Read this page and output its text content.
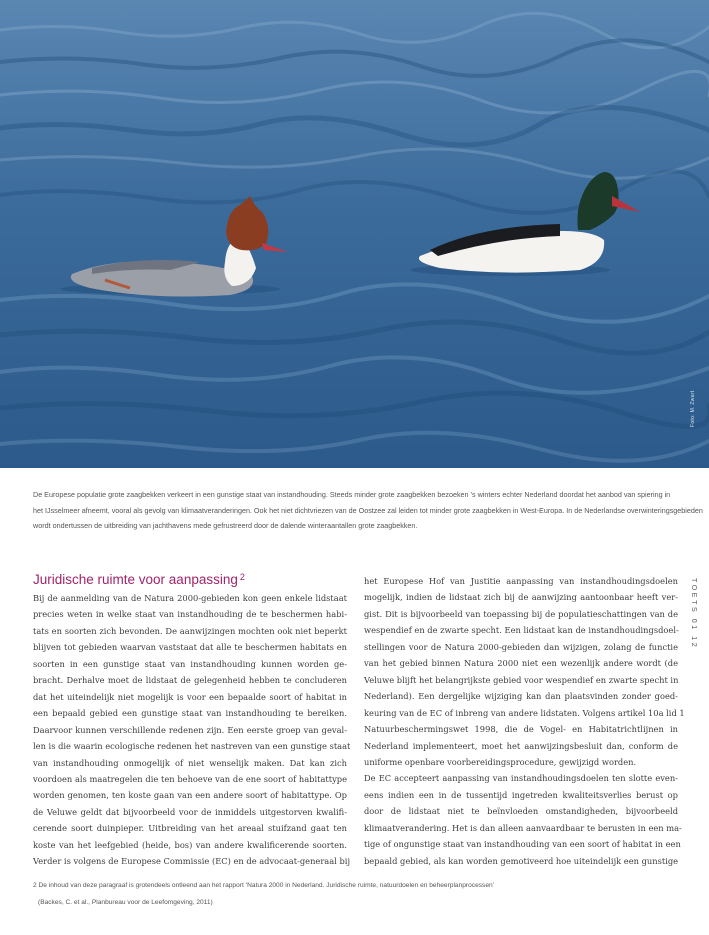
Foto: M. Zwart
De Europese populatie grote zaagbekken verkeert in een gunstige staat van instandhouding. Steeds minder grote zaagbekken bezoeken ’s winters echter Nederland doordat het aanbod van spiering in
het IJsselmeer afneemt, vooral als gevolg van klimaatveranderingen. Ook het niet dichtvriezen van de Oostzee zal leiden tot minder grote zaagbekken in West-Europa. In de Nederlandse overwinteringsgebieden
wordt ondertussen de uitbreiding van jachthavens mede gefrustreerd door de dalende winteraantallen grote zaagbekken.
TOETS 01 12
Juridische ruimte voor aanpassing $^2$
Bij de aanmelding van de Natura 2000-gebieden kon geen enkele lidstaat
precies weten in welke staat van instandhouding de te beschermen habi-
tats en soorten zich bevonden. De aanwijzingen mochten ook niet beperkt
blijven tot gebieden waarvan vaststaat dat alle te beschermen habitats en
soorten in een gunstige staat van instandhouding kunnen worden ge-
bracht. Derhalve moet de lidstaat de gelegenheid hebben te concluderen
dat het uiteindelijk niet mogelijk is voor een bepaalde soort of habitat in
een bepaald gebied een gunstige staat van instandhouding te bereiken.
Daarvoor kunnen verschillende redenen zijn. Een eerste groep van geval-
len is die waarin ecologische redenen het nastreven van een gunstige staat
van instandhouding onmogelijk of niet wenselijk maken. Dat kan zich
voordoen als maatregelen die ten behoeve van de ene soort of habitattype
worden genomen, ten koste gaan van een andere soort of habitattype. Op
de Veluwe geldt dat bijvoorbeeld voor de inmiddels uitgestorven kwalifi-
cerende soort duinpieper. Uitbreiding van het areaal stuifzand gaat ten
koste van het leefgebied (heide, bos) van andere kwalificerende soorten.
Verder is volgens de Europese Commissie (EC) en de advocaat-generaal bij
het Europese Hof van Justitie aanpassing van instandhoudingsdoelen
mogelijk, indien de lidstaat zich bij de aanwijzing aantoonbaar heeft ver-
gist. Dit is bijvoorbeeld van toepassing bij de populatieschattingen van de
wespendief en de zwarte specht. Een lidstaat kan de instandhoudingsdoel-
stellingen voor de Natura 2000-gebieden dan wijzigen, zolang de functie
van het gebied binnen Natura 2000 niet een wezenlijk andere wordt (de
Veluwe blijft het belangrijkste gebied voor wespendief en zwarte specht in
Nederland). Een dergelijke wijziging kan dan plaatsvinden zonder goed-
keuring van de EC of inbreng van andere lidstaten. Volgens artikel 10a lid 1
Natuurbeschermingswet 1998, die de Vogel- en Habitatrichtlijnen in
Nederland implementeert, moet het aanwijzingsbesluit dan, conform de
uniforme openbare voorbereidingsprocedure, gewijzigd worden.
De EC accepteert aanpassing van instandhoudingsdoelen ten slotte even-
eens indien een in de tussentijd ingetreden kwaliteitsverlies berust op
door de lidstaat niet te beïnvloeden omstandigheden, bijvoorbeeld
klimaatverandering. Het is dan alleen aanvaardbaar te berusten in een ma-
tige of ongunstige staat van instandhouding van een soort of habitat in een
bepaald gebied, als kan worden gemotiveerd hoe uiteindelijk een gunstige
2 De inhoud van deze paragraaf is grotendeels ontleend aan het rapport ‘Natura 2000 in Nederland. Juridische ruimte, natuurdoelen en beheerplanprocessen’
(Backes, C. et al., Planbureau voor de Leefomgeving, 2011)
